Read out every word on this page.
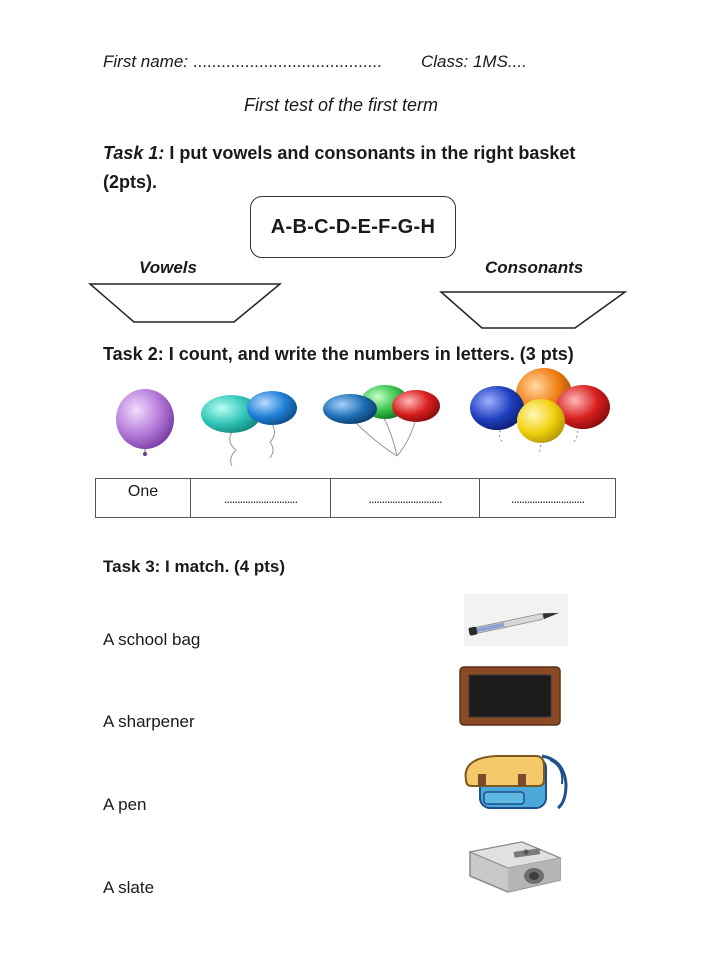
First name: ........................................ Class: 1MS....
First test of the first term
Task 1: I put vowels and consonants in the right basket
(2pts).
A-B-C-D-E-F-G-H
Vowels	Consonants
Task 2: I count, and write the numbers in letters. (3 pts)
One	............................	............................	............................
Task 3: I match. (4 pts)
A school bag
A sharpener
A pen
A slate
